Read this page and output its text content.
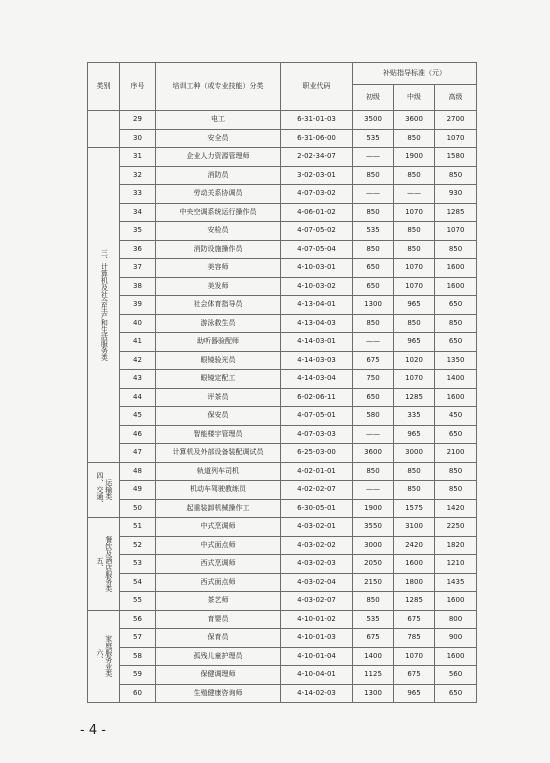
类别	序号	培训工种（或专业技能）分类	职业代码	补贴指导标准（元）		
				初级	中级	高级
	29	电工	6-31-01-03	3500	3600	2700
	30	安全员	6-31-06-00	535	850	1070

三、计算机及社会生产和生活服务类	31	企业人力资源管理师	2-02-34-07	——	1900	1580
	32	消防员	3-02-03-01	850	850	850
	33	劳动关系协调员	4-07-03-02	——	——	930
	34	中央空调系统运行操作员	4-06-01-02	850	1070	1285
	35	安检员	4-07-05-02	535	850	1070
	36	消防设施操作员	4-07-05-04	850	850	850
	37	美容师	4-10-03-01	650	1070	1600
	38	美发师	4-10-03-02	650	1070	1600
	39	社会体育指导员	4-13-04-01	1300	965	650
	40	游泳救生员	4-13-04-03	850	850	850
	41	助听器验配师	4-14-03-01	——	965	650
	42	眼镜验光员	4-14-03-03	675	1020	1350
	43	眼镜定配工	4-14-03-04	750	1070	1400
	44	评茶员	6-02-06-11	650	1285	1600
	45	保安员	4-07-05-01	580	335	450
	46	智能楼宇管理员	4-07-03-03	——	965	650
	47	计算机及外部设备装配调试员	6-25-03-00	3600	3000	2100

四、交通、 运输类	48	轨道列车司机	4-02-01-01	850	850	850
	49	机动车驾驶教练员	4-02-02-07	——	850	850
	50	起重装卸机械操作工	6-30-05-01	1900	1575	1420

五、 餐饮及酒店服务类	51	中式烹调师	4-03-02-01	3550	3100	2250
	52	中式面点师	4-03-02-02	3000	2420	1820
	53	西式烹调师	4-03-02-03	2050	1600	1210
	54	西式面点师	4-03-02-04	2150	1800	1435
	55	茶艺师	4-03-02-07	850	1285	1600

六、 家庭服务业类	56	育婴员	4-10-01-02	535	675	800
	57	保育员	4-10-01-03	675	785	900
	58	孤残儿童护理员	4-10-01-04	1400	1070	1600
	59	保健调理师	4-10-04-01	1125	675	560
	60	生殖健康咨询师	4-14-02-03	1300	965	650
- 4 -
